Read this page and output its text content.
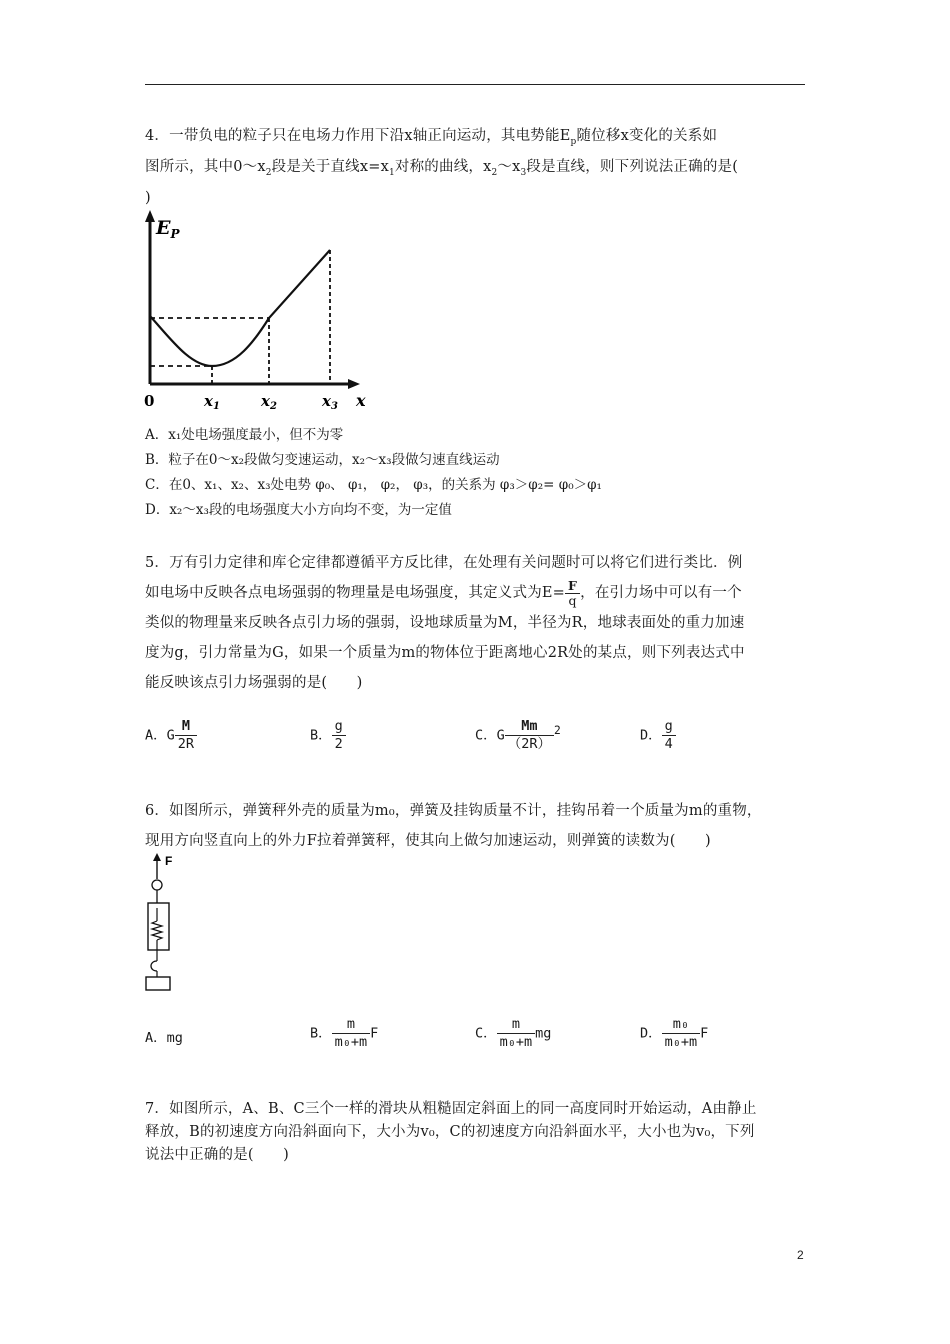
4．一带负电的粒子只在电场力作用下沿x轴正向运动，其电势能$E_p$随位移x变化的关系如
图所示，其中$0\sim x_2$段是关于直线$x=x_1$对称的曲线，$x_2\sim x_3$段是直线，则下列说法正确的是(
)
$E_P$
0	$x_1$	$x_2$	$x_3$ x
A．x₁处电场强度最小，但不为零
B．粒子在0～x₂段做匀变速运动，x₂～x₃段做匀速直线运动
C．在0、x₁、x₂、x₃处电势 φ₀、 φ₁， φ₂， φ₃，的关系为 φ₃＞φ₂= φ₀＞φ₁
D．x₂～x₃段的电场强度大小方向均不变，为一定值
5．万有引力定律和库仑定律都遵循平方反比律，在处理有关问题时可以将它们进行类比．例
如电场中反映各点电场强弱的物理量是电场强度，其定义式为$E= \frac{F}{q}$ ，在引力场中可以有一个
类似的物理量来反映各点引力场的强弱，设地球质量为M，半径为R，地球表面处的重力加速
度为g，引力常量为G，如果一个质量为m的物体位于距离地心2R处的某点，则下列表达式中
能反映该点引力场强弱的是(　　)
A．G $\frac{M}{2R}$	B． $\frac{g}{2}$	C．G $\frac{Mm}{(2R)} ^2$	D． $\frac{g}{4}$
6．如图所示，弹簧秤外壳的质量为m₀，弹簧及挂钩质量不计，挂钩吊着一个质量为m的重物，
现用方向竖直向上的外力F拉着弹簧秤，使其向上做匀加速运动，则弹簧的读数为(　　)
F
A．mg	B． $\frac{m}{\text{m₀+m}}$ F	C． $\frac{m}{\text{m₀+m}}$ mg	D． $\frac{\text{m₀}}{\text{m₀+m}}$ F
7．如图所示，A、B、C三个一样的滑块从粗糙固定斜面上的同一高度同时开始运动，A由静止
释放，B的初速度方向沿斜面向下，大小为v₀，C的初速度方向沿斜面水平，大小也为v₀，下列
说法中正确的是(　　)
2
